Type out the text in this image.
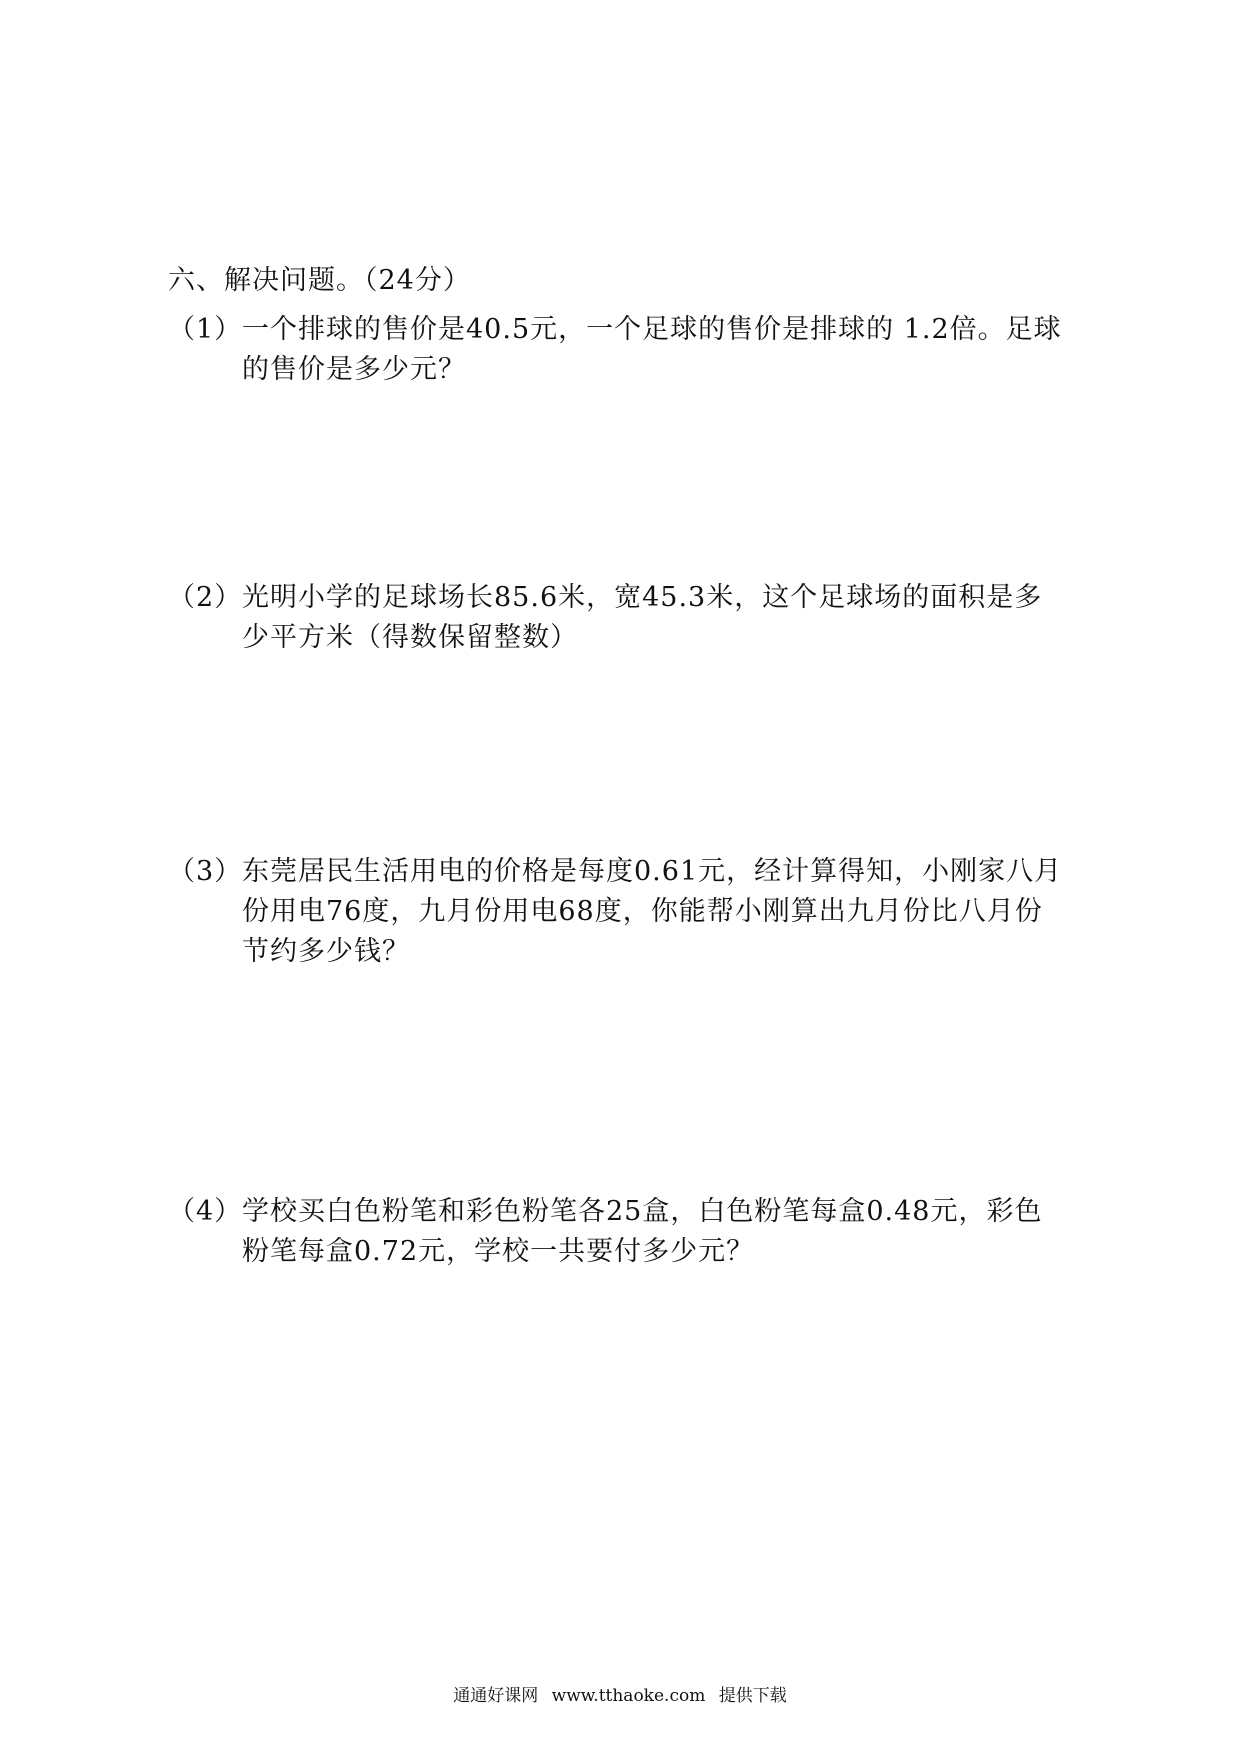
六、解决问题。（24分）
（1） 一个排球的售价是40.5元，一个足球的售价是排球的 1.2倍。足球的售价是多少元？
（2） 光明小学的足球场长85.6米，宽45.3米，这个足球场的面积是多少平方米（得数保留整数）
（3） 东莞居民生活用电的价格是每度0.61元，经计算得知，小刚家八月份用电76度，九月份用电68度，你能帮小刚算出九月份比八月份节约多少钱？
（4） 学校买白色粉笔和彩色粉笔各25盒，白色粉笔每盒0.48元，彩色粉笔每盒0.72元，学校一共要付多少元？
通通好课网 www.tthaoke.com 提供下载
